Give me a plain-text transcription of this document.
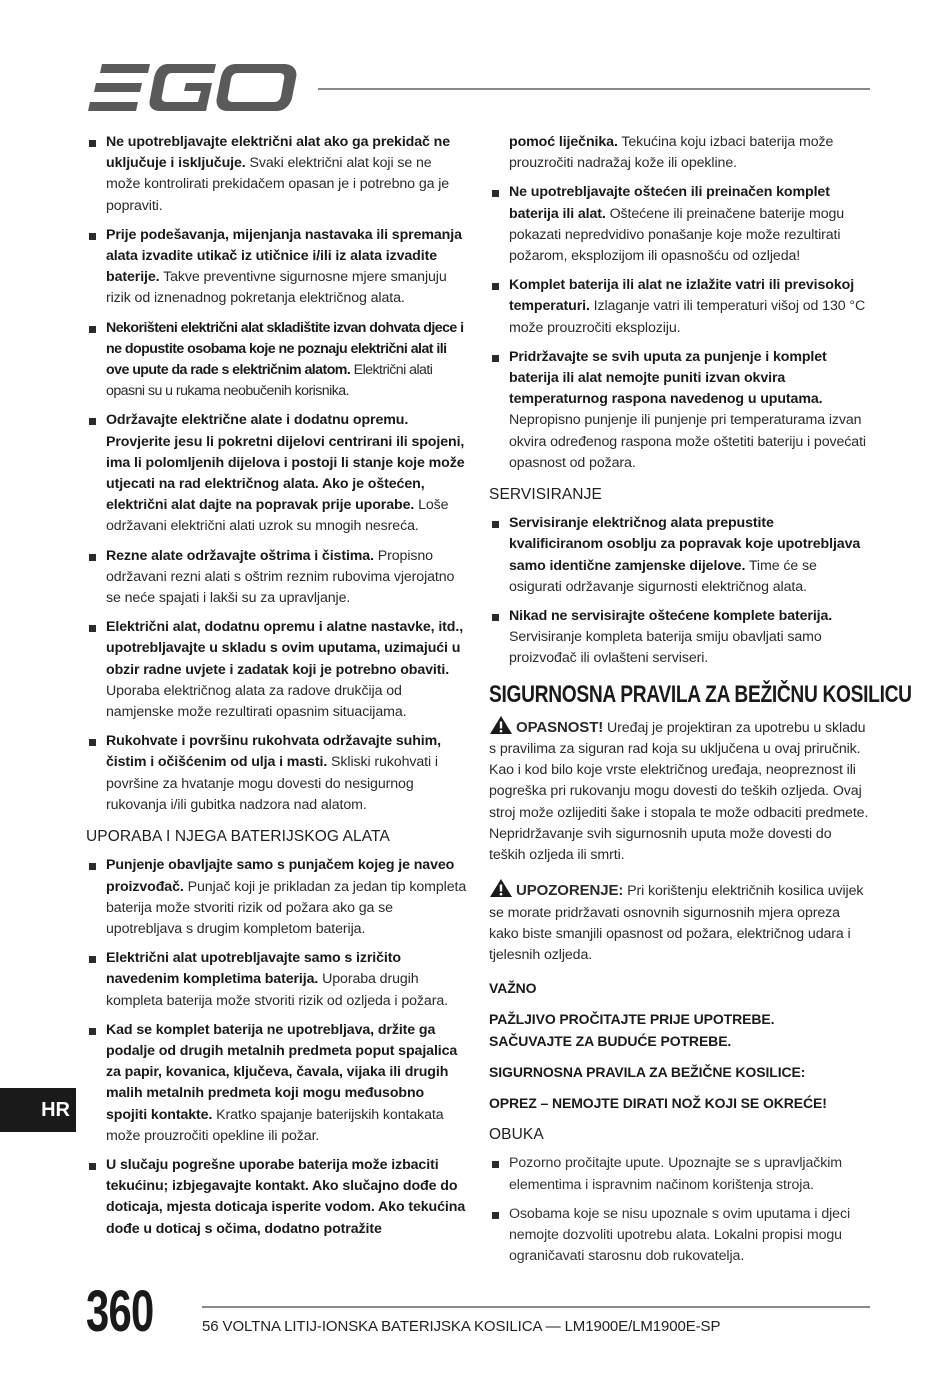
Ne upotrebljavajte električni alat ako ga prekidač ne uključuje i isključuje. Svaki električni alat koji se ne može kontrolirati prekidačem opasan je i potrebno ga je popraviti.
Prije podešavanja, mijenjanja nastavaka ili spremanja alata izvadite utikač iz utičnice i/ili iz alata izvadite baterije. Takve preventivne sigurnosne mjere smanjuju rizik od iznenadnog pokretanja električnog alata.
Nekorišteni električni alat skladištite izvan dohvata djece i ne dopustite osobama koje ne poznaju električni alat ili ove upute da rade s električnim alatom. Električni alati opasni su u rukama neobučenih korisnika.
Održavajte električne alate i dodatnu opremu. Provjerite jesu li pokretni dijelovi centrirani ili spojeni, ima li polomljenih dijelova i postoji li stanje koje može utjecati na rad električnog alata. Ako je oštećen, električni alat dajte na popravak prije uporabe. Loše održavani električni alati uzrok su mnogih nesreća.
Rezne alate održavajte oštrima i čistima. Propisno održavani rezni alati s oštrim reznim rubovima vjerojatno se neće spajati i lakši su za upravljanje.
Električni alat, dodatnu opremu i alatne nastavke, itd., upotrebljavajte u skladu s ovim uputama, uzimajući u obzir radne uvjete i zadatak koji je potrebno obaviti. Uporaba električnog alata za radove drukčija od namjenske može rezultirati opasnim situacijama.
Rukohvate i površinu rukohvata održavajte suhim, čistim i očišćenim od ulja i masti. Skliski rukohvati i površine za hvatanje mogu dovesti do nesigurnog rukovanja i/ili gubitka nadzora nad alatom.
UPORABA I NJEGA BATERIJSKOG ALATA
Punjenje obavljajte samo s punjačem kojeg je naveo proizvođač. Punjač koji je prikladan za jedan tip kompleta baterija može stvoriti rizik od požara ako ga se upotrebljava s drugim kompletom baterija.
Električni alat upotrebljavajte samo s izričito navedenim kompletima baterija. Uporaba drugih kompleta baterija može stvoriti rizik od ozljeda i požara.
Kad se komplet baterija ne upotrebljava, držite ga podalje od drugih metalnih predmeta poput spajalica za papir, kovanica, ključeva, čavala, vijaka ili drugih malih metalnih predmeta koji mogu međusobno spojiti kontakte. Kratko spajanje baterijskih kontakata može prouzročiti opekline ili požar.
U slučaju pogrešne uporabe baterija može izbaciti tekućinu; izbjegavajte kontakt. Ako slučajno dođe do doticaja, mjesta doticaja isperite vodom. Ako tekućina dođe u doticaj s očima, dodatno potražite
pomoć liječnika. Tekućina koju izbaci baterija može prouzročiti nadražaj kože ili opekline.
Ne upotrebljavajte oštećen ili preinačen komplet baterija ili alat. Oštećene ili preinačene baterije mogu pokazati nepredvidivo ponašanje koje može rezultirati požarom, eksplozijom ili opasnošću od ozljeda!
Komplet baterija ili alat ne izlažite vatri ili previsokoj temperaturi. Izlaganje vatri ili temperaturi višoj od 130 °C može prouzročiti eksploziju.
Pridržavajte se svih uputa za punjenje i komplet baterija ili alat nemojte puniti izvan okvira temperaturnog raspona navedenog u uputama. Nepropisno punjenje ili punjenje pri temperaturama izvan okvira određenog raspona može oštetiti bateriju i povećati opasnost od požara.
SERVISIRANJE
Servisiranje električnog alata prepustite kvalificiranom osoblju za popravak koje upotrebljava samo identične zamjenske dijelove. Time će se osigurati održavanje sigurnosti električnog alata.
Nikad ne servisirajte oštećene komplete baterija. Servisiranje kompleta baterija smiju obavljati samo proizvođač ili ovlašteni serviseri.
SIGURNOSNA PRAVILA ZA BEŽIČNU KOSILICU

OPASNOST! Uređaj je projektiran za upotrebu u skladu s pravilima za siguran rad koja su uključena u ovaj priručnik. Kao i kod bilo koje vrste električnog uređaja, neopreznost ili pogreška pri rukovanju mogu dovesti do teških ozljeda. Ovaj stroj može ozlijediti šake i stopala te može odbaciti predmete. Nepridržavanje svih sigurnosnih uputa može dovesti do teških ozljeda ili smrti.

UPOZORENJE: Pri korištenju električnih kosilica uvijek se morate pridržavati osnovnih sigurnosnih mjera opreza kako biste smanjili opasnost od požara, električnog udara i tjelesnih ozljeda.

VAŽNO
PAŽLJIVO PROČITAJTE PRIJE UPOTREBE.
SAČUVAJTE ZA BUDUĆE POTREBE.
SIGURNOSNA PRAVILA ZA BEŽIČNE KOSILICE:
OPREZ – NEMOJTE DIRATI NOŽ KOJI SE OKREĆE!
OBUKA
Pozorno pročitajte upute. Upoznajte se s upravljačkim elementima i ispravnim načinom korištenja stroja.
Osobama koje se nisu upoznale s ovim uputama i djeci nemojte dozvoliti upotrebu alata. Lokalni propisi mogu ograničavati starosnu dob rukovatelja.
HR
360	56 VOLTNA LITIJ-IONSKA BATERIJSKA KOSILICA — LM1900E/LM1900E-SP
